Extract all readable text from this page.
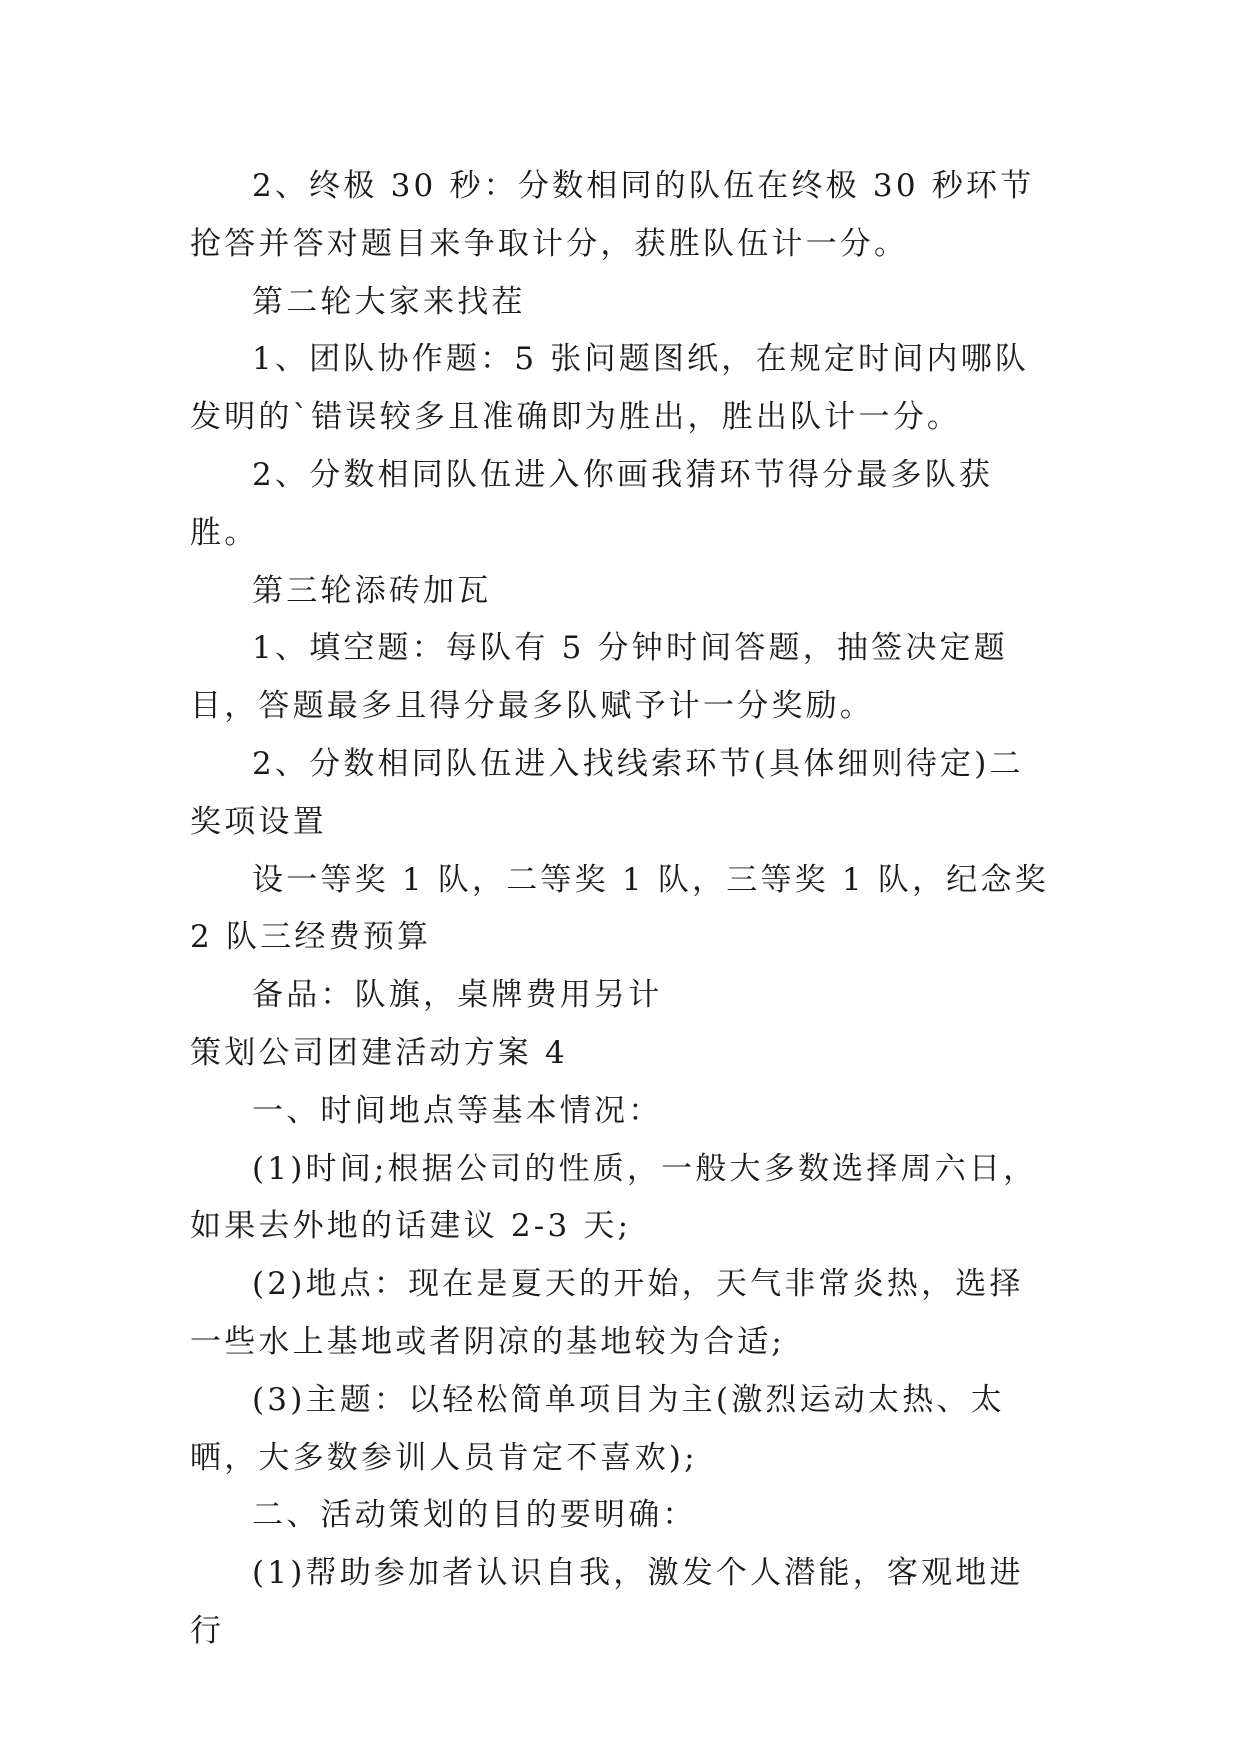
2、终极 30 秒：分数相同的队伍在终极 30 秒环节抢答并答对题目来争取计分，获胜队伍计一分。

第二轮大家来找茬

1、团队协作题：5 张问题图纸，在规定时间内哪队发明的`错误较多且准确即为胜出，胜出队计一分。

2、分数相同队伍进入你画我猜环节得分最多队获胜。

第三轮添砖加瓦

1、填空题：每队有 5 分钟时间答题，抽签决定题目，答题最多且得分最多队赋予计一分奖励。

2、分数相同队伍进入找线索环节(具体细则待定)二奖项设置

设一等奖 1 队，二等奖 1 队，三等奖 1 队，纪念奖 2 队三经费预算

备品：队旗，桌牌费用另计

策划公司团建活动方案 4

一、时间地点等基本情况：

(1)时间;根据公司的性质，一般大多数选择周六日，如果去外地的话建议 2-3 天;

(2)地点：现在是夏天的开始，天气非常炎热，选择一些水上基地或者阴凉的基地较为合适;

(3)主题：以轻松简单项目为主(激烈运动太热、太晒，大多数参训人员肯定不喜欢);

二、活动策划的目的要明确：

(1)帮助参加者认识自我，激发个人潜能，客观地进行
